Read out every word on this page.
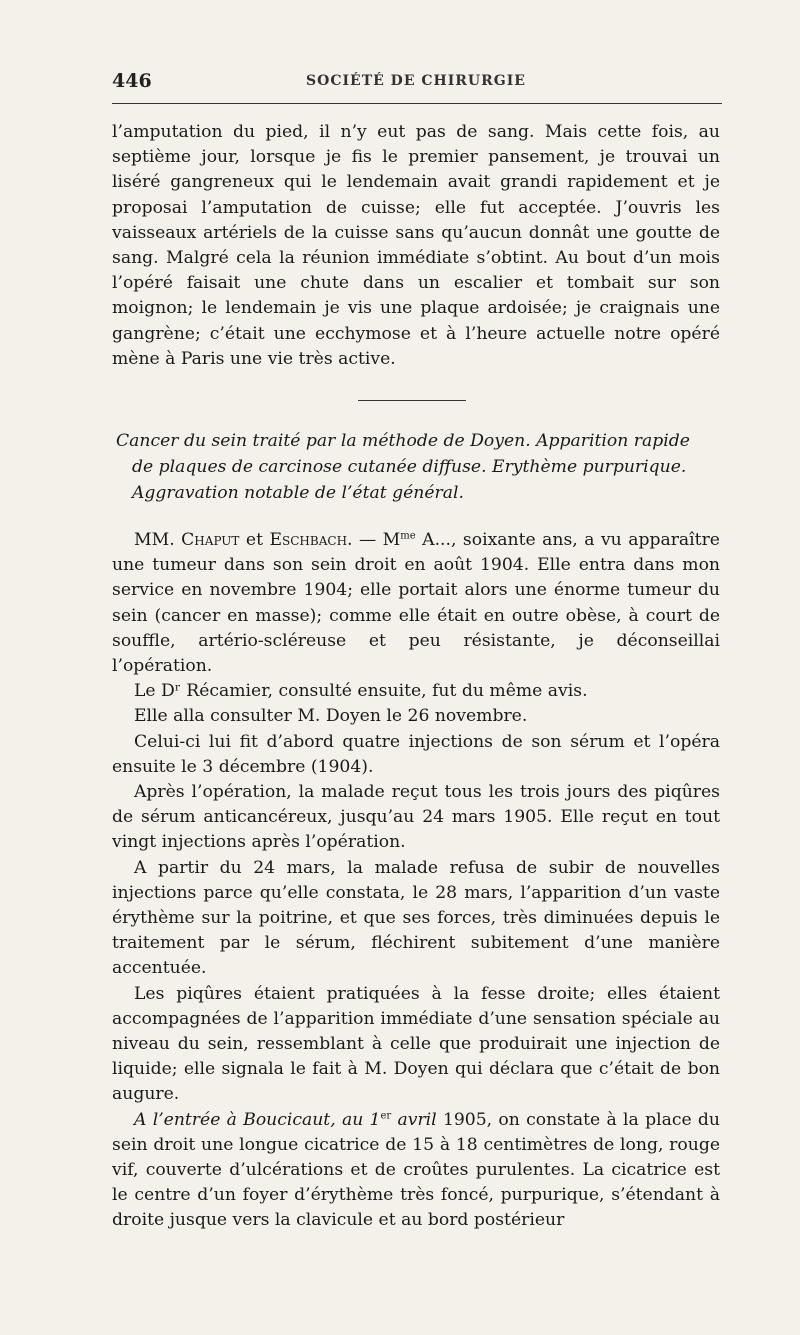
446	SOCIÉTÉ DE CHIRURGIE

l’amputation du pied, il n’y eut pas de sang. Mais cette fois, au septième jour, lorsque je fis le premier pansement, je trouvai un liséré gangreneux qui le lendemain avait grandi rapidement et je proposai l’amputation de cuisse; elle fut acceptée. J’ouvris les vaisseaux artériels de la cuisse sans qu’aucun donnât une goutte de sang. Malgré cela la réunion immédiate s’obtint. Au bout d’un mois l’opéré faisait une chute dans un escalier et tombait sur son moignon; le lendemain je vis une plaque ardoisée; je craignais une gangrène; c’était une ecchymose et à l’heure actuelle notre opéré mène à Paris une vie très active.

Cancer du sein traité par la méthode de Doyen. Apparition rapide
de plaques de carcinose cutanée diffuse. Erythème purpurique.
Aggravation notable de l’état général.

MM. Chaput et Eschbach. — $M^{me}$ A..., soixante ans, a vu apparaître une tumeur dans son sein droit en août 1904. Elle entra dans mon service en novembre 1904; elle portait alors une énorme tumeur du sein (cancer en masse); comme elle était en outre obèse, à court de souffle, artério-scléreuse et peu résistante, je déconseillai l’opération.

Le Dʳ Récamier, consulté ensuite, fut du même avis.

Elle alla consulter M. Doyen le 26 novembre.

Celui-ci lui fit d’abord quatre injections de son sérum et l’opéra ensuite le 3 décembre (1904).

Après l’opération, la malade reçut tous les trois jours des piqûres de sérum anticancéreux, jusqu’au 24 mars 1905. Elle reçut en tout vingt injections après l’opération.

A partir du 24 mars, la malade refusa de subir de nouvelles injections parce qu’elle constata, le 28 mars, l’apparition d’un vaste érythème sur la poitrine, et que ses forces, très diminuées depuis le traitement par le sérum, fléchirent subitement d’une manière accentuée.

Les piqûres étaient pratiquées à la fesse droite; elles étaient accompagnées de l’apparition immédiate d’une sensation spéciale au niveau du sein, ressemblant à celle que produirait une injection de liquide; elle signala le fait à M. Doyen qui déclara que c’était de bon augure.

A l’entrée à Boucicaut, au 1er avril 1905, on constate à la place du sein droit une longue cicatrice de 15 à 18 centimètres de long, rouge vif, couverte d’ulcérations et de croûtes purulentes. La cicatrice est le centre d’un foyer d’érythème très foncé, purpurique, s’étendant à droite jusque vers la clavicule et au bord postérieur
